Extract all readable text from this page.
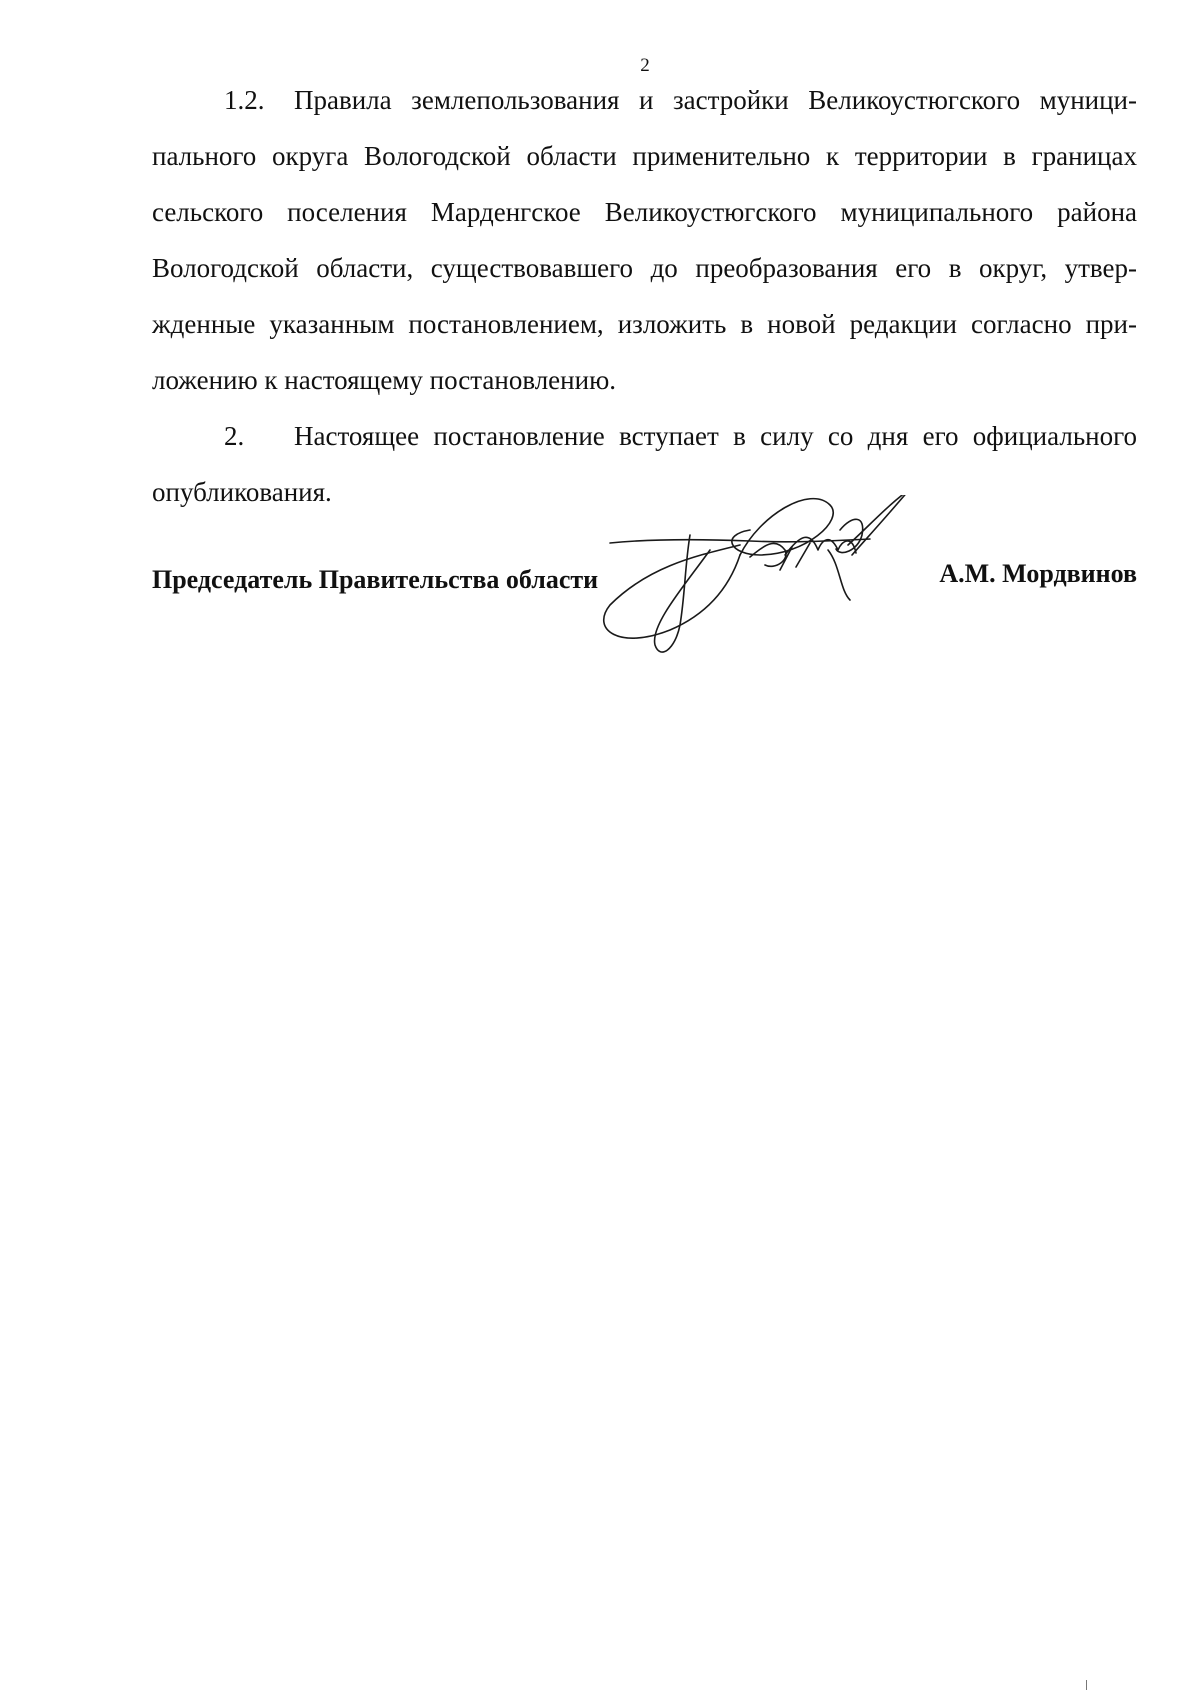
2

1.2. Правила землепользования и застройки Великоустюгского муници-
пального округа Вологодской области применительно к территории в границах
сельского поселения Марденгское Великоустюгского муниципального района
Вологодской области, существовавшего до преобразования его в округ, утвер-
жденные указанным постановлением, изложить в новой редакции согласно при-
ложению к настоящему постановлению.

2. Настоящее постановление вступает в силу со дня его официального
опубликования.

Председатель Правительства области	А.М. Мордвинов
